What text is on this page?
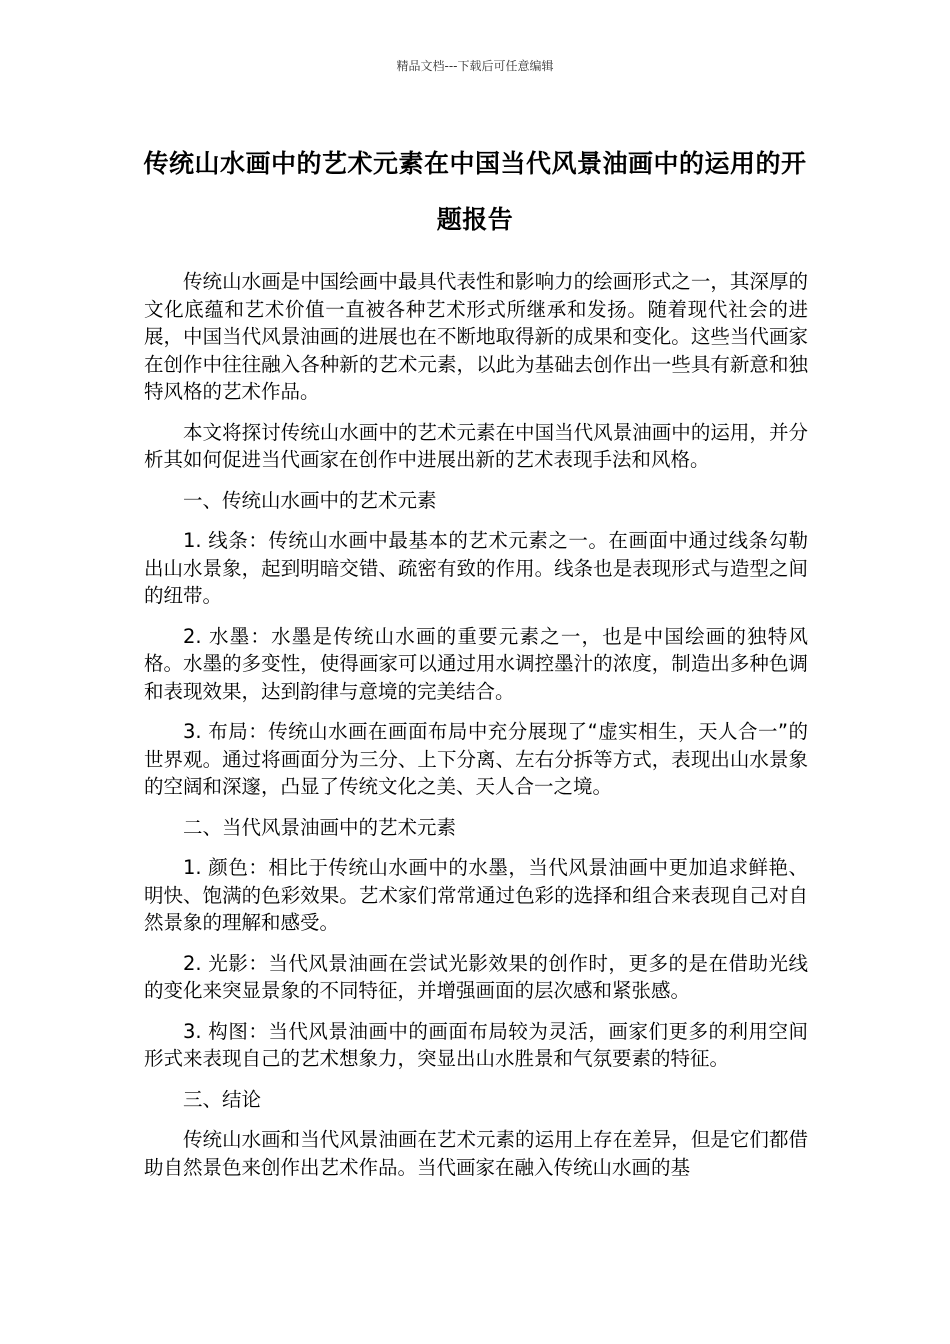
精品文档---下载后可任意编辑
传统山水画中的艺术元素在中国当代风景油画中的运用的开题报告

传统山水画是中国绘画中最具代表性和影响力的绘画形式之一，其深厚的文化底蕴和艺术价值一直被各种艺术形式所继承和发扬。随着现代社会的进展，中国当代风景油画的进展也在不断地取得新的成果和变化。这些当代画家在创作中往往融入各种新的艺术元素，以此为基础去创作出一些具有新意和独特风格的艺术作品。

本文将探讨传统山水画中的艺术元素在中国当代风景油画中的运用，并分析其如何促进当代画家在创作中进展出新的艺术表现手法和风格。

一、传统山水画中的艺术元素

1. 线条：传统山水画中最基本的艺术元素之一。在画面中通过线条勾勒出山水景象，起到明暗交错、疏密有致的作用。线条也是表现形式与造型之间的纽带。

2. 水墨：水墨是传统山水画的重要元素之一，也是中国绘画的独特风格。水墨的多变性，使得画家可以通过用水调控墨汁的浓度，制造出多种色调和表现效果，达到韵律与意境的完美结合。

3. 布局：传统山水画在画面布局中充分展现了“虚实相生，天人合一”的世界观。通过将画面分为三分、上下分离、左右分拆等方式，表现出山水景象的空阔和深邃，凸显了传统文化之美、天人合一之境。

二、当代风景油画中的艺术元素

1. 颜色：相比于传统山水画中的水墨，当代风景油画中更加追求鲜艳、明快、饱满的色彩效果。艺术家们常常通过色彩的选择和组合来表现自己对自然景象的理解和感受。

2. 光影：当代风景油画在尝试光影效果的创作时，更多的是在借助光线的变化来突显景象的不同特征，并增强画面的层次感和紧张感。

3. 构图：当代风景油画中的画面布局较为灵活，画家们更多的利用空间形式来表现自己的艺术想象力，突显出山水胜景和气氛要素的特征。

三、结论

传统山水画和当代风景油画在艺术元素的运用上存在差异，但是它们都借助自然景色来创作出艺术作品。当代画家在融入传统山水画的基
